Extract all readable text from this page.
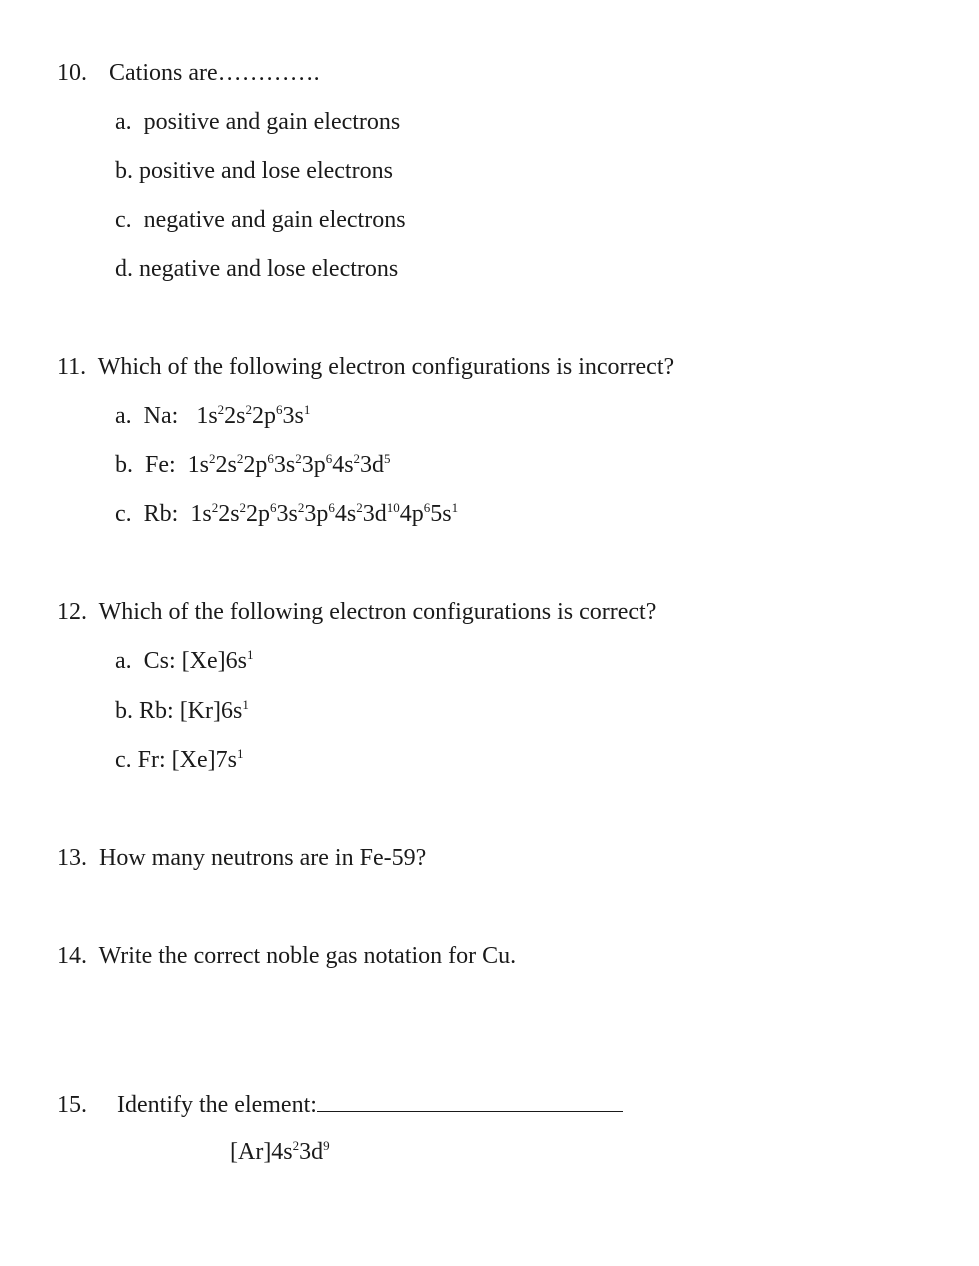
10. Cations are………….
a. positive and gain electrons
b. positive and lose electrons
c. negative and gain electrons
d. negative and lose electrons
11. Which of the following electron configurations is incorrect?
a. Na: $1s^22s^22p^63s^1$
b. Fe: $1s^22s^22p^63s^23p^64s^23d^5$
c. Rb: $1s^22s^22p^63s^23p^64s^23d^{10}4p^65s^1$
12. Which of the following electron configurations is correct?
a. Cs: $[Xe]6s^1$
b. Rb: $[Kr]6s^1$
c. Fr: $[Xe]7s^1$
13. How many neutrons are in Fe-59?
14. Write the correct noble gas notation for Cu.
15. Identify the element:
$[Ar]4s^23d^9$
